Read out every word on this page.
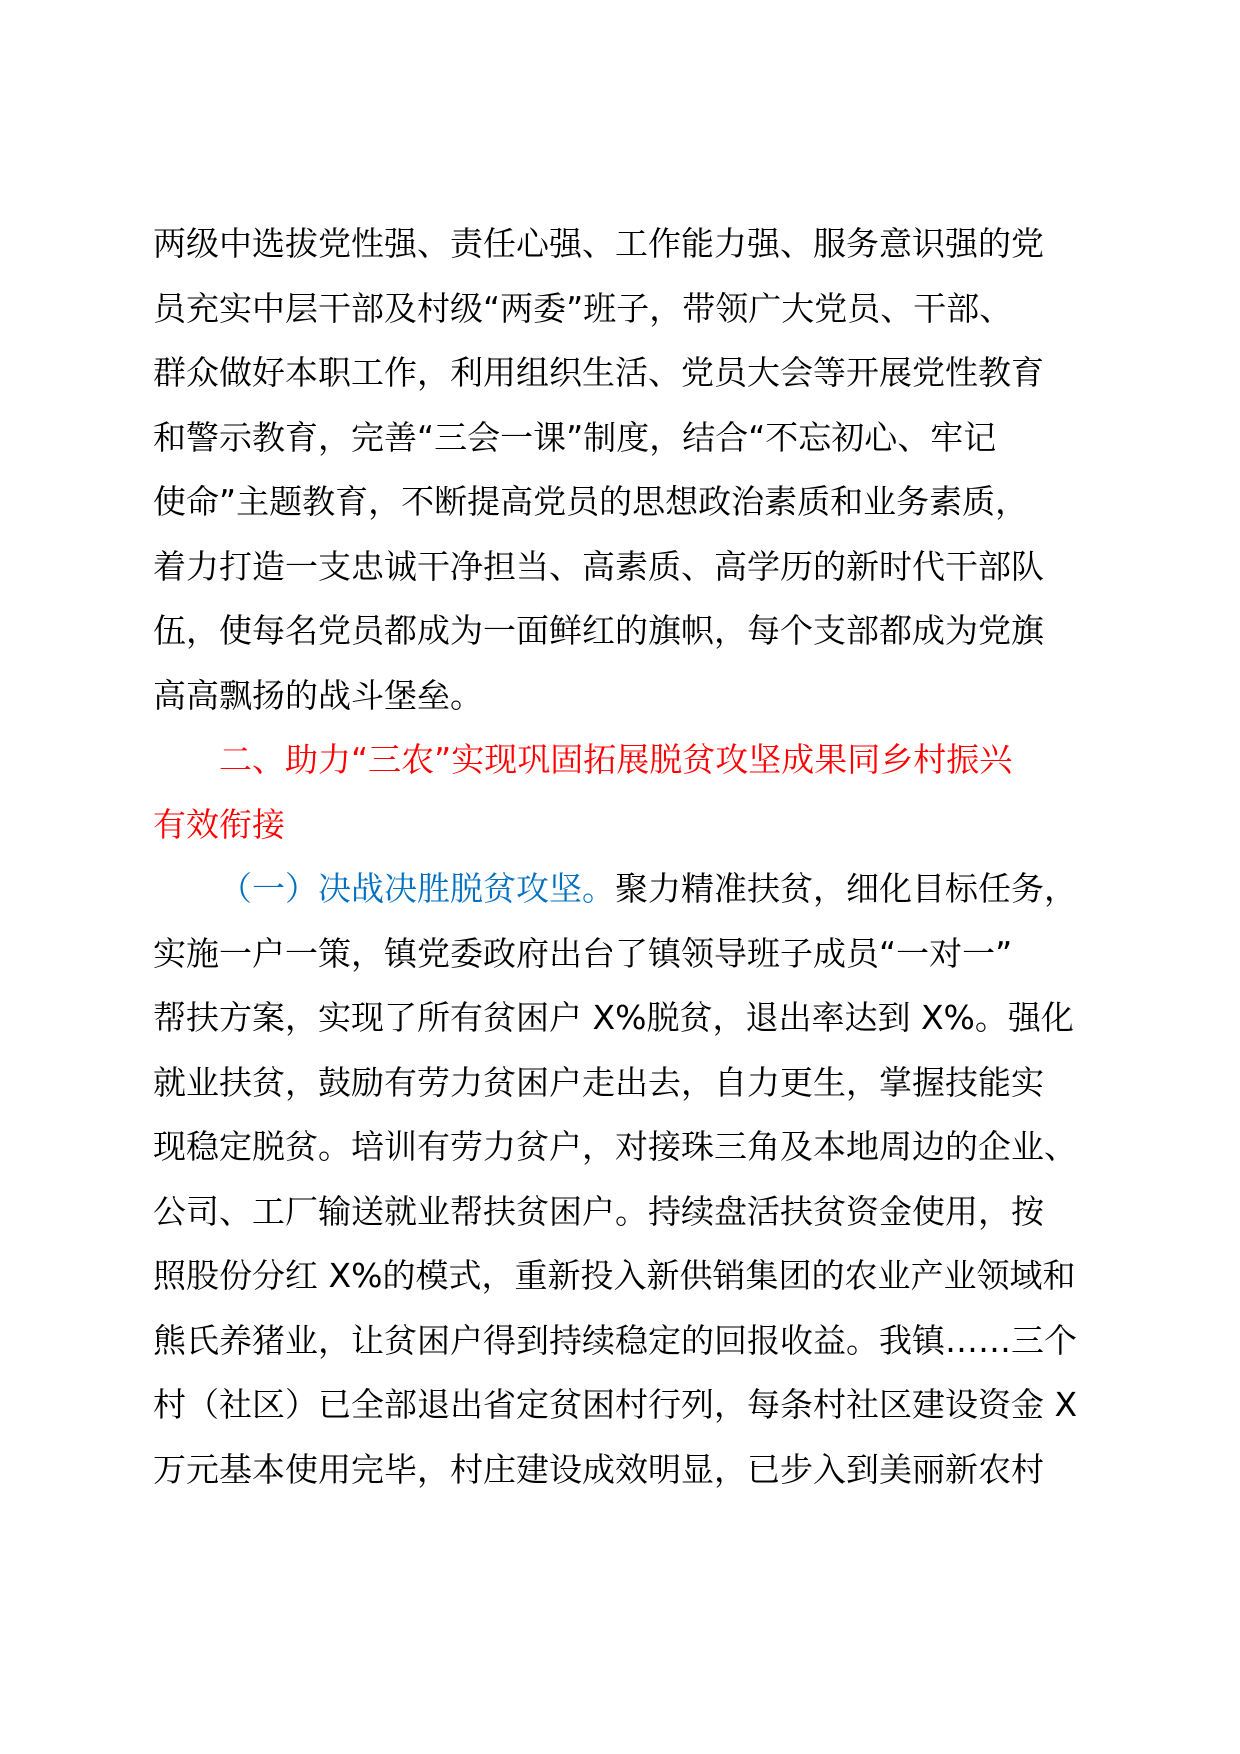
两级中选拔党性强、责任心强、工作能力强、服务意识强的党
员充实中层干部及村级“两委”班子，带领广大党员、干部、
群众做好本职工作，利用组织生活、党员大会等开展党性教育
和警示教育，完善“三会一课”制度，结合“不忘初心、牢记
使命”主题教育，不断提高党员的思想政治素质和业务素质，
着力打造一支忠诚干净担当、高素质、高学历的新时代干部队
伍，使每名党员都成为一面鲜红的旗帜，每个支部都成为党旗
高高飘扬的战斗堡垒。
二、助力“三农”实现巩固拓展脱贫攻坚成果同乡村振兴
有效衔接
（一）决战决胜脱贫攻坚。聚力精准扶贫，细化目标任务，
实施一户一策，镇党委政府出台了镇领导班子成员“一对一”
帮扶方案，实现了所有贫困户 X%脱贫，退出率达到 X%。强化
就业扶贫，鼓励有劳力贫困户走出去，自力更生，掌握技能实
现稳定脱贫。培训有劳力贫户，对接珠三角及本地周边的企业、
公司、工厂输送就业帮扶贫困户。持续盘活扶贫资金使用，按
照股份分红 X%的模式，重新投入新供销集团的农业产业领域和
熊氏养猪业，让贫困户得到持续稳定的回报收益。我镇……三个
村（社区）已全部退出省定贫困村行列，每条村社区建设资金 X
万元基本使用完毕，村庄建设成效明显，已步入到美丽新农村
